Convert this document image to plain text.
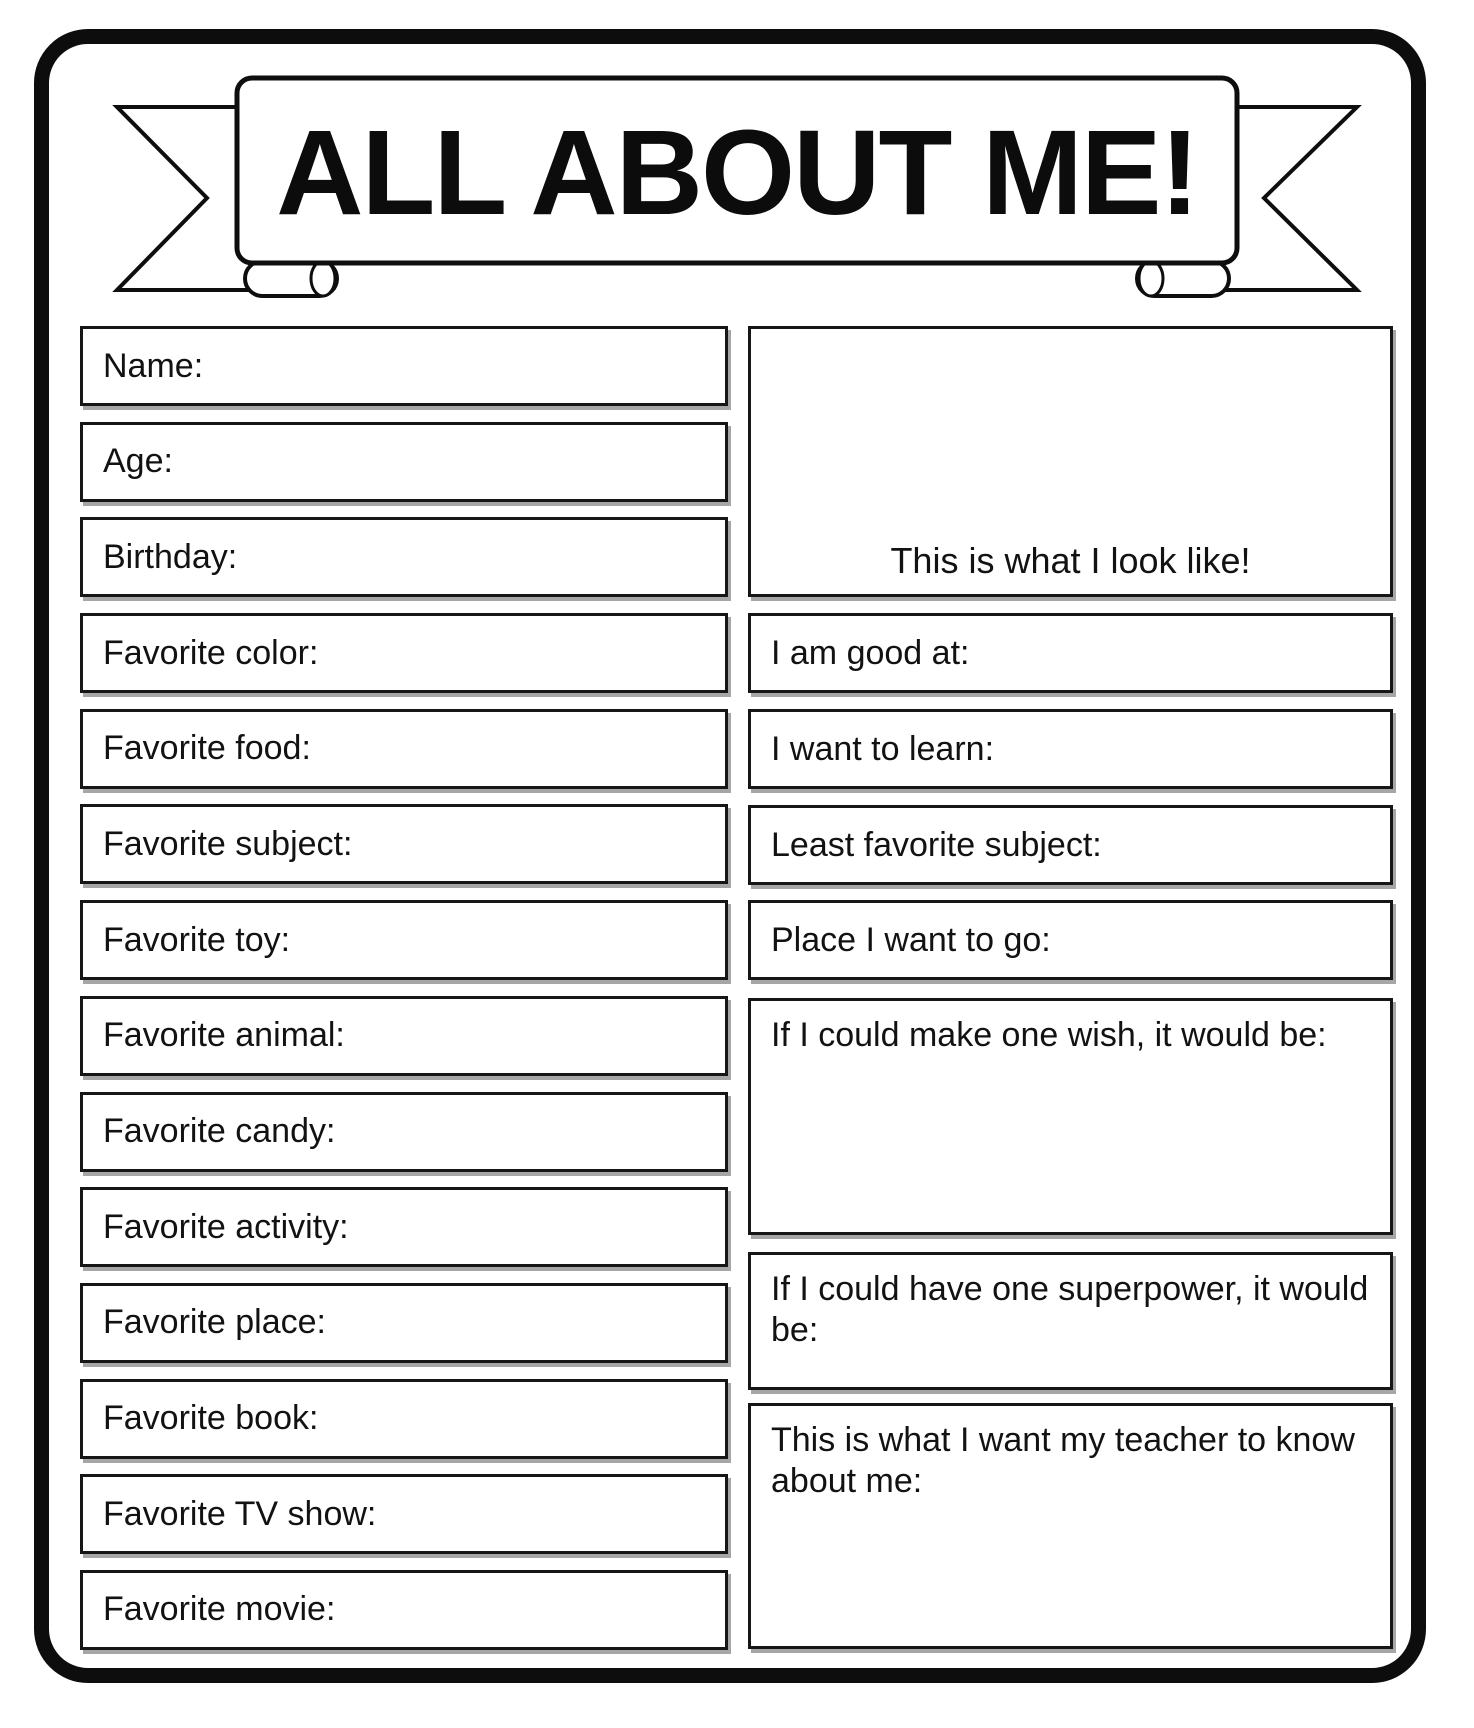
ALL ABOUT ME!
Name:
Age:
Birthday:
Favorite color:
Favorite food:
Favorite subject:
Favorite toy:
Favorite animal:
Favorite candy:
Favorite activity:
Favorite place:
Favorite book:
Favorite TV show:
Favorite movie:
This is what I look like!
I am good at:
I want to learn:
Least favorite subject:
Place I want to go:
If I could make one wish, it would be:
If I could have one superpower, it would be:
This is what I want my teacher to know about me:
